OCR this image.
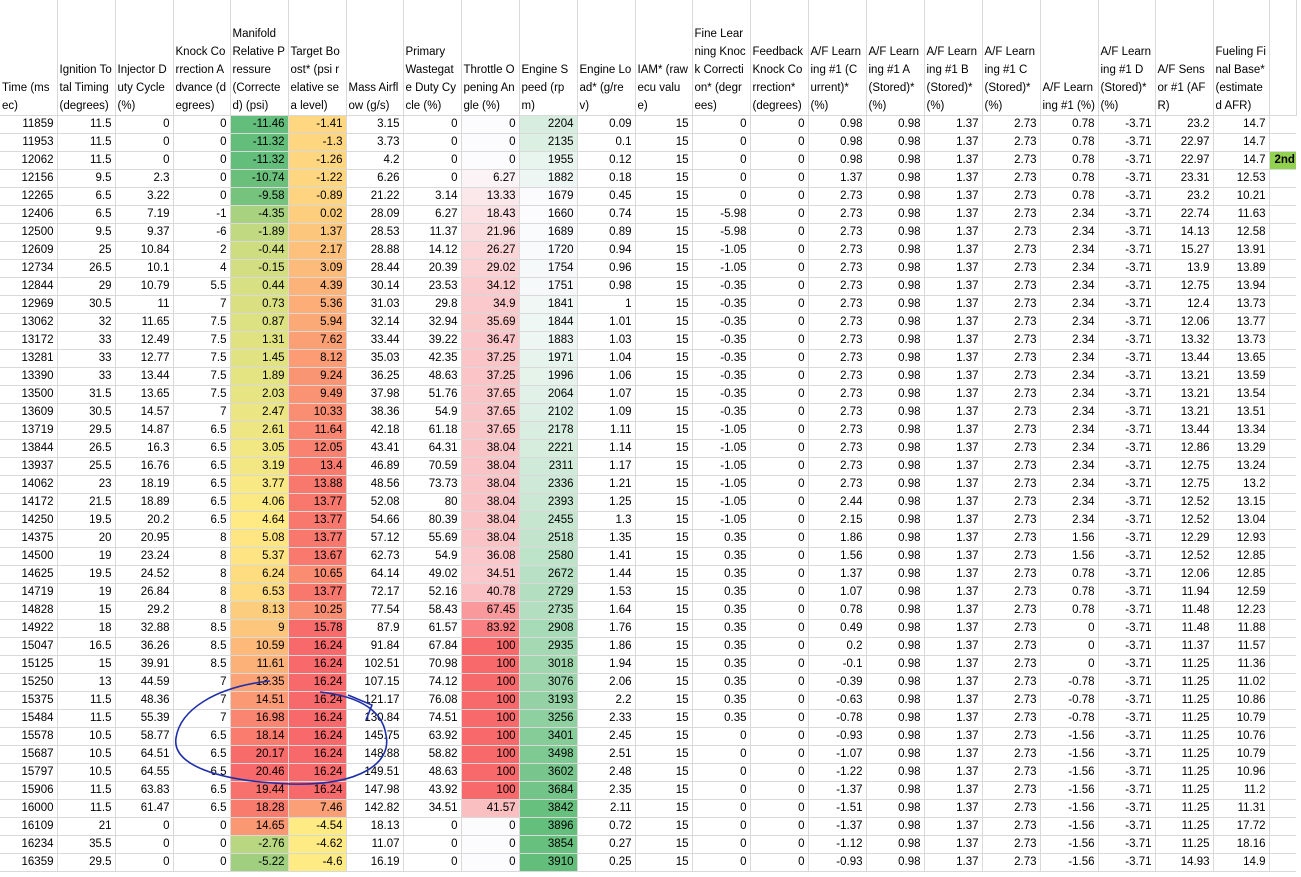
Time (msec)	Ignition Total Timing (degrees)	Injector Duty Cycle (%)	Knock Correction Advance (degrees)	Manifold Relative Pressure (Corrected) (psi)	Target Boost* (psi relative sea level)	Mass Airflow (g/s)	Primary Wastegate Duty Cycle (%)	Throttle Opening Angle (%)	Engine Speed (rpm)	Engine Load* (g/rev)	IAM* (raw ecu value)	Fine Learning Knock Correction* (degrees)	Feedback Knock Correction* (degrees)	A/F Learning #1 (Current)* (%)	A/F Learning #1 A (Stored)* (%)	A/F Learning #1 B (Stored)* (%)	A/F Learning #1 C (Stored)* (%)	A/F Learning #1 (%)	A/F Learning #1 D (Stored)* (%)	A/F Sensor #1 (AFR)	Fueling Final Base* (estimated AFR)	
11859	11.5	0	0	-11.46	-1.41	3.15	0	0	2204	0.09	15	0	0	0.98	0.98	1.37	2.73	0.78	-3.71	23.2	14.7	
11953	11.5	0	0	-11.32	-1.3	3.73	0	0	2135	0.1	15	0	0	0.98	0.98	1.37	2.73	0.78	-3.71	22.97	14.7	
12062	11.5	0	0	-11.32	-1.26	4.2	0	0	1955	0.12	15	0	0	0.98	0.98	1.37	2.73	0.78	-3.71	22.97	14.7	2nd
12156	9.5	2.3	0	-10.74	-1.22	6.26	0	6.27	1882	0.18	15	0	0	1.37	0.98	1.37	2.73	0.78	-3.71	23.31	12.53	
12265	6.5	3.22	0	-9.58	-0.89	21.22	3.14	13.33	1679	0.45	15	0	0	2.73	0.98	1.37	2.73	0.78	-3.71	23.2	10.21	
12406	6.5	7.19	-1	-4.35	0.02	28.09	6.27	18.43	1660	0.74	15	-5.98	0	2.73	0.98	1.37	2.73	2.34	-3.71	22.74	11.63	
12500	9.5	9.37	-6	-1.89	1.37	28.53	11.37	21.96	1689	0.89	15	-5.98	0	2.73	0.98	1.37	2.73	2.34	-3.71	14.13	12.58	
12609	25	10.84	2	-0.44	2.17	28.88	14.12	26.27	1720	0.94	15	-1.05	0	2.73	0.98	1.37	2.73	2.34	-3.71	15.27	13.91	
12734	26.5	10.1	4	-0.15	3.09	28.44	20.39	29.02	1754	0.96	15	-1.05	0	2.73	0.98	1.37	2.73	2.34	-3.71	13.9	13.89	
12844	29	10.79	5.5	0.44	4.39	30.14	23.53	34.12	1751	0.98	15	-0.35	0	2.73	0.98	1.37	2.73	2.34	-3.71	12.75	13.94	
12969	30.5	11	7	0.73	5.36	31.03	29.8	34.9	1841	1	15	-0.35	0	2.73	0.98	1.37	2.73	2.34	-3.71	12.4	13.73	
13062	32	11.65	7.5	0.87	5.94	32.14	32.94	35.69	1844	1.01	15	-0.35	0	2.73	0.98	1.37	2.73	2.34	-3.71	12.06	13.77	
13172	33	12.49	7.5	1.31	7.62	33.44	39.22	36.47	1883	1.03	15	-0.35	0	2.73	0.98	1.37	2.73	2.34	-3.71	13.32	13.73	
13281	33	12.77	7.5	1.45	8.12	35.03	42.35	37.25	1971	1.04	15	-0.35	0	2.73	0.98	1.37	2.73	2.34	-3.71	13.44	13.65	
13390	33	13.44	7.5	1.89	9.24	36.25	48.63	37.25	1996	1.06	15	-0.35	0	2.73	0.98	1.37	2.73	2.34	-3.71	13.21	13.59	
13500	31.5	13.65	7.5	2.03	9.49	37.98	51.76	37.65	2064	1.07	15	-0.35	0	2.73	0.98	1.37	2.73	2.34	-3.71	13.21	13.54	
13609	30.5	14.57	7	2.47	10.33	38.36	54.9	37.65	2102	1.09	15	-0.35	0	2.73	0.98	1.37	2.73	2.34	-3.71	13.21	13.51	
13719	29.5	14.87	6.5	2.61	11.64	42.18	61.18	37.65	2178	1.11	15	-1.05	0	2.73	0.98	1.37	2.73	2.34	-3.71	13.44	13.34	
13844	26.5	16.3	6.5	3.05	12.05	43.41	64.31	38.04	2221	1.14	15	-1.05	0	2.73	0.98	1.37	2.73	2.34	-3.71	12.86	13.29	
13937	25.5	16.76	6.5	3.19	13.4	46.89	70.59	38.04	2311	1.17	15	-1.05	0	2.73	0.98	1.37	2.73	2.34	-3.71	12.75	13.24	
14062	23	18.19	6.5	3.77	13.88	48.56	73.73	38.04	2336	1.21	15	-1.05	0	2.73	0.98	1.37	2.73	2.34	-3.71	12.75	13.2	
14172	21.5	18.89	6.5	4.06	13.77	52.08	80	38.04	2393	1.25	15	-1.05	0	2.44	0.98	1.37	2.73	2.34	-3.71	12.52	13.15	
14250	19.5	20.2	6.5	4.64	13.77	54.66	80.39	38.04	2455	1.3	15	-1.05	0	2.15	0.98	1.37	2.73	2.34	-3.71	12.52	13.04	
14375	20	20.95	8	5.08	13.77	57.12	55.69	38.04	2518	1.35	15	0.35	0	1.86	0.98	1.37	2.73	1.56	-3.71	12.29	12.93	
14500	19	23.24	8	5.37	13.67	62.73	54.9	36.08	2580	1.41	15	0.35	0	1.56	0.98	1.37	2.73	1.56	-3.71	12.52	12.85	
14625	19.5	24.52	8	6.24	10.65	64.14	49.02	34.51	2672	1.44	15	0.35	0	1.37	0.98	1.37	2.73	0.78	-3.71	12.06	12.85	
14719	19	26.84	8	6.53	13.77	72.17	52.16	40.78	2729	1.53	15	0.35	0	1.07	0.98	1.37	2.73	0.78	-3.71	11.94	12.59	
14828	15	29.2	8	8.13	10.25	77.54	58.43	67.45	2735	1.64	15	0.35	0	0.78	0.98	1.37	2.73	0.78	-3.71	11.48	12.23	
14922	18	32.88	8.5	9	15.78	87.9	61.57	83.92	2908	1.76	15	0.35	0	0.49	0.98	1.37	2.73	0	-3.71	11.48	11.88	
15047	16.5	36.26	8.5	10.59	16.24	91.84	67.84	100	2935	1.86	15	0.35	0	0.2	0.98	1.37	2.73	0	-3.71	11.37	11.57	
15125	15	39.91	8.5	11.61	16.24	102.51	70.98	100	3018	1.94	15	0.35	0	-0.1	0.98	1.37	2.73	0	-3.71	11.25	11.36	
15250	13	44.59	7	13.35	16.24	107.15	74.12	100	3076	2.06	15	0.35	0	-0.39	0.98	1.37	2.73	-0.78	-3.71	11.25	11.02	
15375	11.5	48.36	7	14.51	16.24	121.17	76.08	100	3193	2.2	15	0.35	0	-0.63	0.98	1.37	2.73	-0.78	-3.71	11.25	10.86	
15484	11.5	55.39	7	16.98	16.24	130.84	74.51	100	3256	2.33	15	0.35	0	-0.78	0.98	1.37	2.73	-0.78	-3.71	11.25	10.79	
15578	10.5	58.77	6.5	18.14	16.24	145.75	63.92	100	3401	2.45	15	0	0	-0.93	0.98	1.37	2.73	-1.56	-3.71	11.25	10.76	
15687	10.5	64.51	6.5	20.17	16.24	148.88	58.82	100	3498	2.51	15	0	0	-1.07	0.98	1.37	2.73	-1.56	-3.71	11.25	10.79	
15797	10.5	64.55	6.5	20.46	16.24	149.51	48.63	100	3602	2.48	15	0	0	-1.22	0.98	1.37	2.73	-1.56	-3.71	11.25	10.96	
15906	11.5	63.83	6.5	19.44	16.24	147.98	43.92	100	3684	2.35	15	0	0	-1.37	0.98	1.37	2.73	-1.56	-3.71	11.25	11.2	
16000	11.5	61.47	6.5	18.28	7.46	142.82	34.51	41.57	3842	2.11	15	0	0	-1.51	0.98	1.37	2.73	-1.56	-3.71	11.25	11.31	
16109	21	0	0	14.65	-4.54	18.13	0	0	3896	0.72	15	0	0	-1.37	0.98	1.37	2.73	-1.56	-3.71	11.25	17.72	
16234	35.5	0	0	-2.76	-4.62	11.07	0	0	3854	0.27	15	0	0	-1.12	0.98	1.37	2.73	-1.56	-3.71	11.25	18.16	
16359	29.5	0	0	-5.22	-4.6	16.19	0	0	3910	0.25	15	0	0	-0.93	0.98	1.37	2.73	-1.56	-3.71	14.93	14.9	
